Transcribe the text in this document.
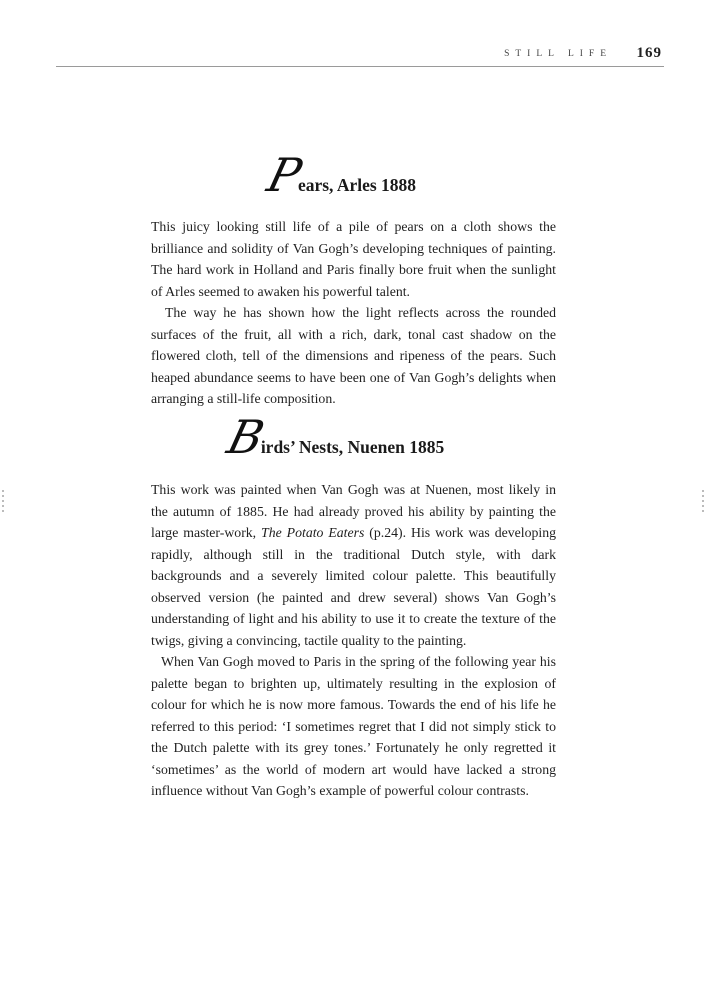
STILL LIFE 169
Pears, Arles 1888

This juicy looking still life of a pile of pears on a cloth shows the brilliance and solidity of Van Gogh’s developing techniques of painting. The hard work in Holland and Paris finally bore fruit when the sunlight of Arles seemed to awaken his powerful talent.

The way he has shown how the light reflects across the rounded surfaces of the fruit, all with a rich, dark, tonal cast shadow on the flowered cloth, tell of the dimensions and ripeness of the pears. Such heaped abundance seems to have been one of Van Gogh’s delights when arranging a still-life composition.

Birds’ Nests, Nuenen 1885

This work was painted when Van Gogh was at Nuenen, most likely in the autumn of 1885. He had already proved his ability by painting the large master-work, The Potato Eaters (p.24). His work was developing rapidly, although still in the traditional Dutch style, with dark backgrounds and a severely limited colour palette. This beautifully observed version (he painted and drew several) shows Van Gogh’s understanding of light and his ability to use it to create the texture of the twigs, giving a convincing, tactile quality to the painting.

When Van Gogh moved to Paris in the spring of the following year his palette began to brighten up, ultimately resulting in the explosion of colour for which he is now more famous. Towards the end of his life he referred to this period: ‘I sometimes regret that I did not simply stick to the Dutch palette with its grey tones.’ Fortunately he only regretted it ‘sometimes’ as the world of modern art would have lacked a strong influence without Van Gogh’s example of powerful colour contrasts.
